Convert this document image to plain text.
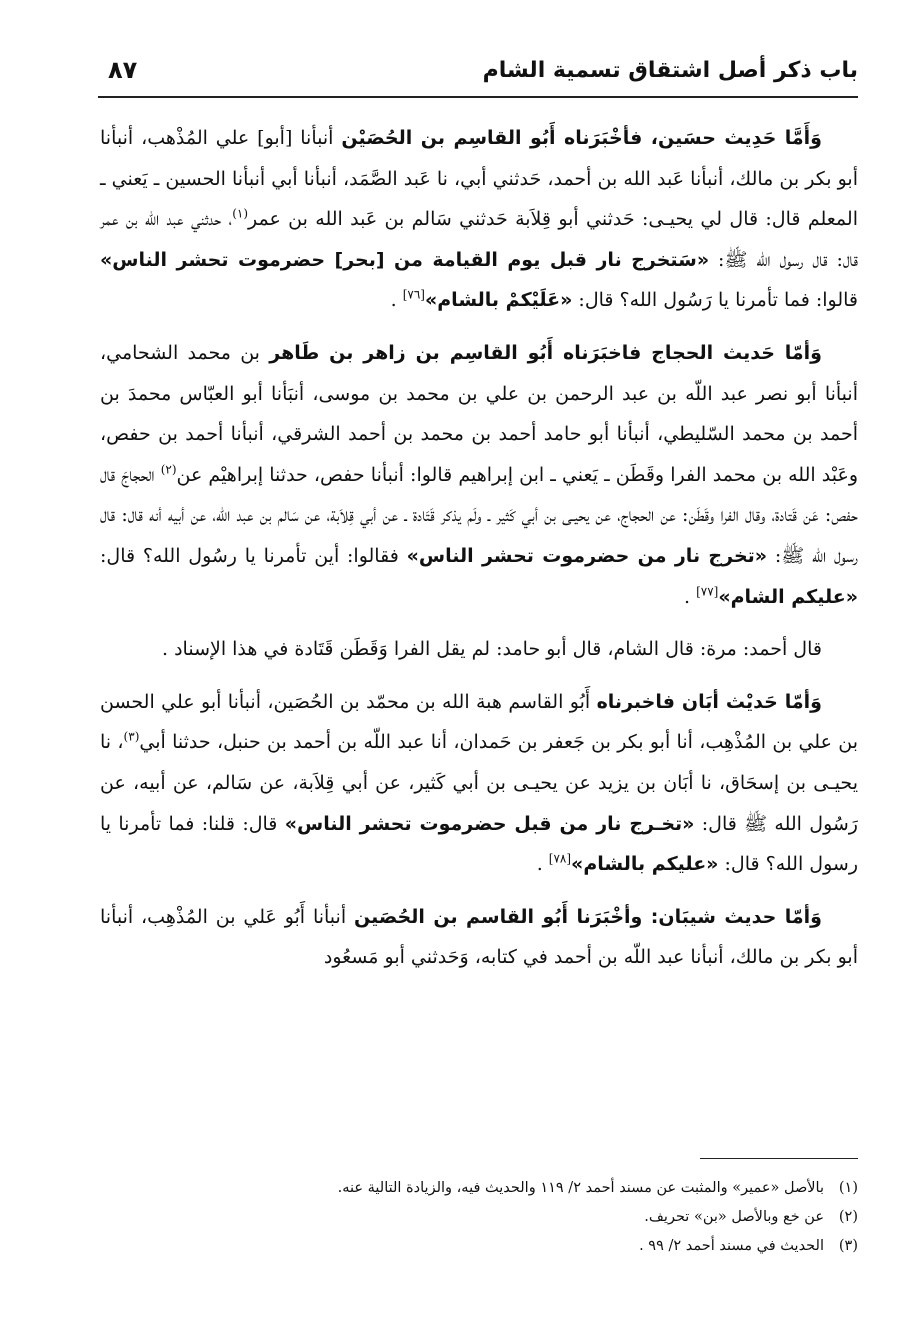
باب ذكر أصل اشتقاق تسمية الشام
٨٧

وَأَمَّا حَدِيث حسَين، فأخْبَرَناه أَبُو القاسِم بن الحُصَيْن أنبأنا [أبو] علي المُذْهب، أنبأنا أبو بكر بن مالك، أنبأنا عَبد الله بن أحمد، حَدثني أبي، نا عَبد الصَّمَد، أنبأنا أبي أنبأنا الحسين ـ يَعني ـ المعلم قال: قال لي يحيـى: حَدثني أبو قِلاَبة حَدثني سَالم بن عَبد الله بن عمر$^{(١)}$، حدثني عبد اللّه بن عمر قال: قال رسول الله ﷺ: «سَتخرج نار قبل يوم القيامة من [بحر] حضرموت تحشر الناس» قالوا: فما تأمرنا يا رَسُول الله؟ قال: «عَلَيْكمْ بالشام»[٧٦] .

وَأمّا حَديث الحجاج فاخبَرَناه أَبُو القاسِم بن زاهر بن طَاهر بن محمد الشحامي، أنبأنا أبو نصر عبد اللّه بن عبد الرحمن بن علي بن محمد بن موسى، أنبَأنا أبو العبّاس محمدَ بن أحمد بن محمد السّليطي، أنبأنا أبو حامد أحمد بن محمد بن أحمد الشرقي، أنبأنا أحمد بن حفص، وعَبْد الله بن محمد الفرا وقَطَن ـ يَعني ـ ابن إبراهيم قالوا: أنبأنا حفص، حدثنا إبراهيْم عن$^{(٢)}$ الحجاجَ قال حفص: عَن قَتادة، وقال الفرا وقَطَن: عن الحجاج، عن يحيـى بن أبي كَثير ـ ولَم يذكر قَتَادة ـ عن أبي قِلاَبة، عن سَالم بن عبد اللّه، عن أبيه أنه قال: قال رسول الله ﷺ: «تخرج نار من حضرموت تحشر الناس» فقالوا: أين تأمرنا يا رسُول الله؟ قال: «عليكم الشام»[٧٧] .

قال أحمد: مرة: قال الشام، قال أبو حامد: لم يقل الفرا وَقَطَن قَتَادة في هذا الإسناد .

وَأمّا حَديْث أبَان فاخبرناه أَبُو القاسم هبة الله بن محمّد بن الحُصَين، أنبأنا أبو علي الحسن بن علي بن المُذْهِب، أنا أبو بكر بن جَعفر بن حَمدان، أنا عبد اللّه بن أحمد بن حنبل، حدثنا أبي$^{(٣)}$، نا يحيـى بن إسحَاق، نا أبَان بن يزيد عن يحيـى بن أبي كَثير، عن أبي قِلاَبة، عن سَالم، عن أبيه، عن رَسُول الله ﷺ قال: «تخـرج نار من قبل حضرموت تحشر الناس» قال: قلنا: فما تأمرنا يا رسول الله؟ قال: «عليكم بالشام»[٧٨] .

وَأمّا حديث شيبَان: وأخْبَرَنا أَبُو القاسم بن الحُصَين أنبأنا أَبُو عَلي بن المُذْهِب، أنبأنا أبو بكر بن مالك، أنبأنا عبد اللّه بن أحمد في كتابه، وَحَدثني أبو مَسعُود

(١)بالأصل «عمير» والمثبت عن مسند أحمد ٢/ ١١٩ والحديث فيه، والزيادة التالية عنه.
(٢)عن خع وبالأصل «بن» تحريف.
(٣)الحديث في مسند أحمد ٢/ ٩٩ .
